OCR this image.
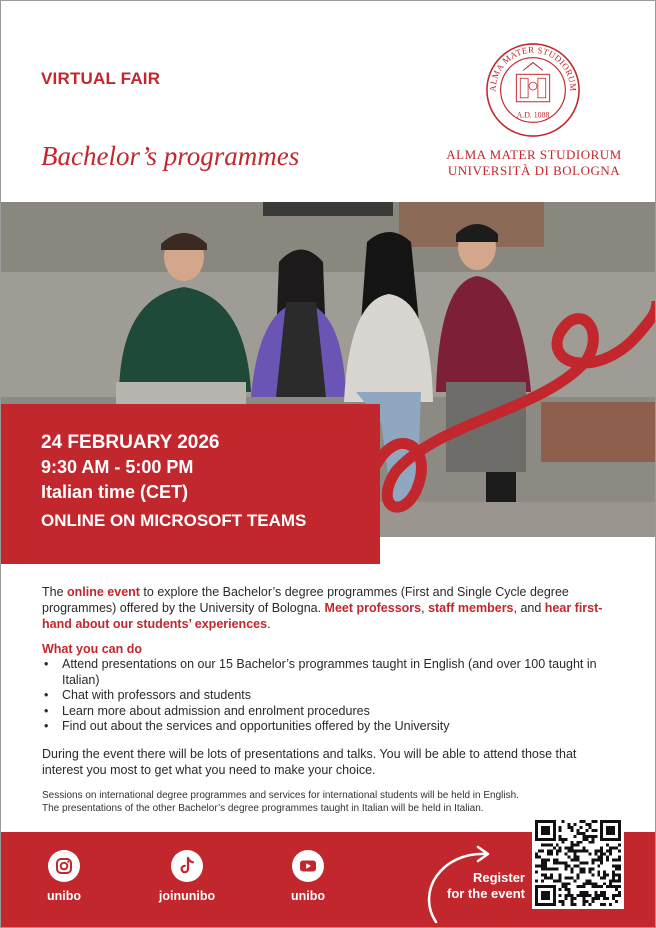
VIRTUAL FAIR
Bachelor’s programmes
ALMA MATER STUDIORUM
A.D. 1088
ALMA MATER STUDIORUM
UNIVERSITÀ DI BOLOGNA
24 FEBRUARY 2026
9:30 AM - 5:00 PM
Italian time (CET)
ONLINE ON MICROSOFT TEAMS
The online event to explore the Bachelor’s degree programmes (First and Single Cycle degree programmes) offered by the University of Bologna. Meet professors, staff members, and hear first-hand about our students’ experiences.
What you can do
• Attend presentations on our 15 Bachelor’s programmes taught in English (and over 100 taught in Italian)
• Chat with professors and students
• Learn more about admission and enrolment procedures
• Find out about the services and opportunities offered by the University
During the event there will be lots of presentations and talks. You will be able to attend those that interest you most to get what you need to make your choice.
Sessions on international degree programmes and services for international students will be held in English.
The presentations of the other Bachelor’s degree programmes taught in Italian will be held in Italian.
unibo	joinunibo	unibo
Register
for the event
